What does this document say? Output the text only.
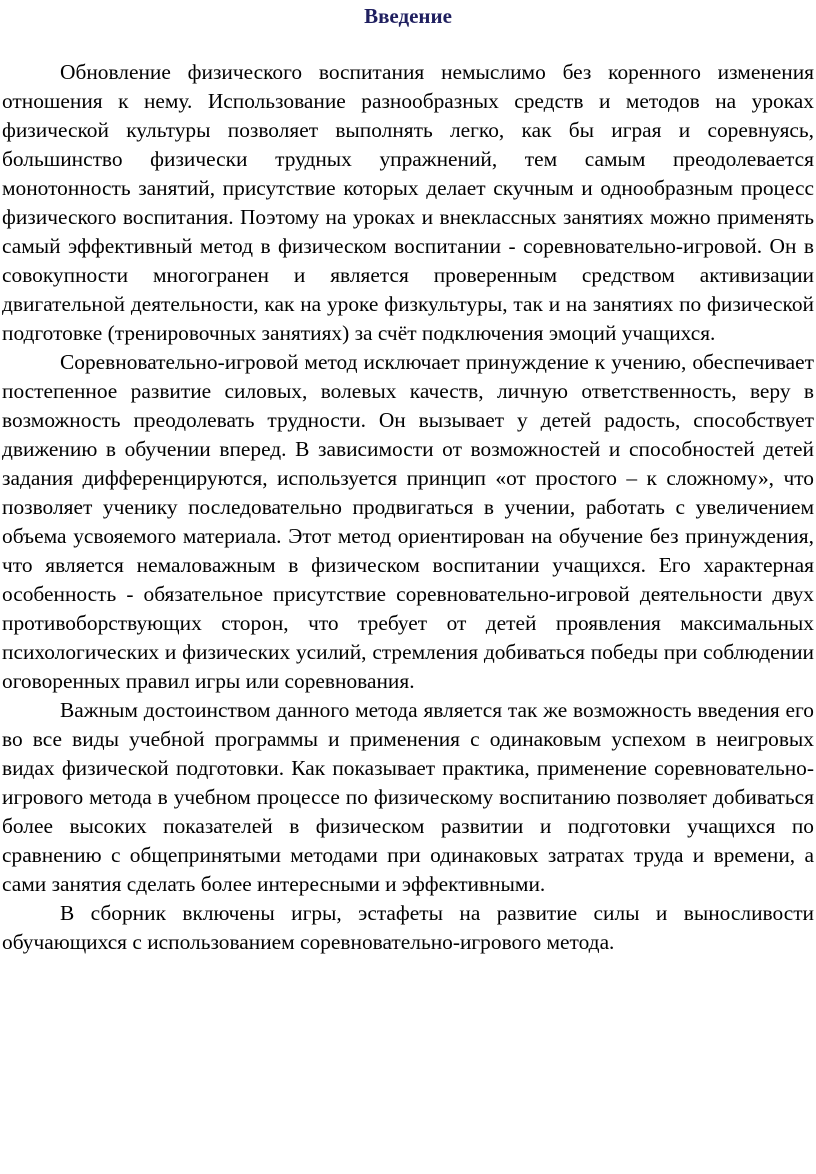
Введение

Обновление физического воспитания немыслимо без коренного изменения отношения к нему. Использование разнообразных средств и методов на уроках физической культуры позволяет выполнять легко, как бы играя и соревнуясь, большинство физически трудных упражнений, тем самым преодолевается монотонность занятий, присутствие которых делает скучным и однообразным процесс физического воспитания. Поэтому на уроках и внеклассных занятиях можно применять самый эффективный метод в физическом воспитании - соревновательно-игровой. Он в совокупности многогранен и является проверенным средством активизации двигательной деятельности, как на уроке физкультуры, так и на занятиях по физической подготовке (тренировочных занятиях) за счёт подключения эмоций учащихся.

Соревновательно-игровой метод исключает принуждение к учению, обеспечивает постепенное развитие силовых, волевых качеств, личную ответственность, веру в возможность преодолевать трудности. Он вызывает у детей радость, способствует движению в обучении вперед. В зависимости от возможностей и способностей детей задания дифференцируются, используется принцип «от простого – к сложному», что позволяет ученику последовательно продвигаться в учении, работать с увеличением объема усвояемого материала. Этот метод ориентирован на обучение без принуждения, что является немаловажным в физическом воспитании учащихся. Его характерная особенность - обязательное присутствие соревновательно-игровой деятельности двух противоборствующих сторон, что требует от детей проявления максимальных психологических и физических усилий, стремления добиваться победы при соблюдении оговоренных правил игры или соревнования.

Важным достоинством данного метода является так же возможность введения его во все виды учебной программы и применения с одинаковым успехом в неигровых видах физической подготовки. Как показывает практика, применение соревновательно-игрового метода в учебном процессе по физическому воспитанию позволяет добиваться более высоких показателей в физическом развитии и подготовки учащихся по сравнению с общепринятыми методами при одинаковых затратах труда и времени, а сами занятия сделать более интересными и эффективными.

В сборник включены игры, эстафеты на развитие силы и выносливости обучающихся с использованием соревновательно-игрового метода.
